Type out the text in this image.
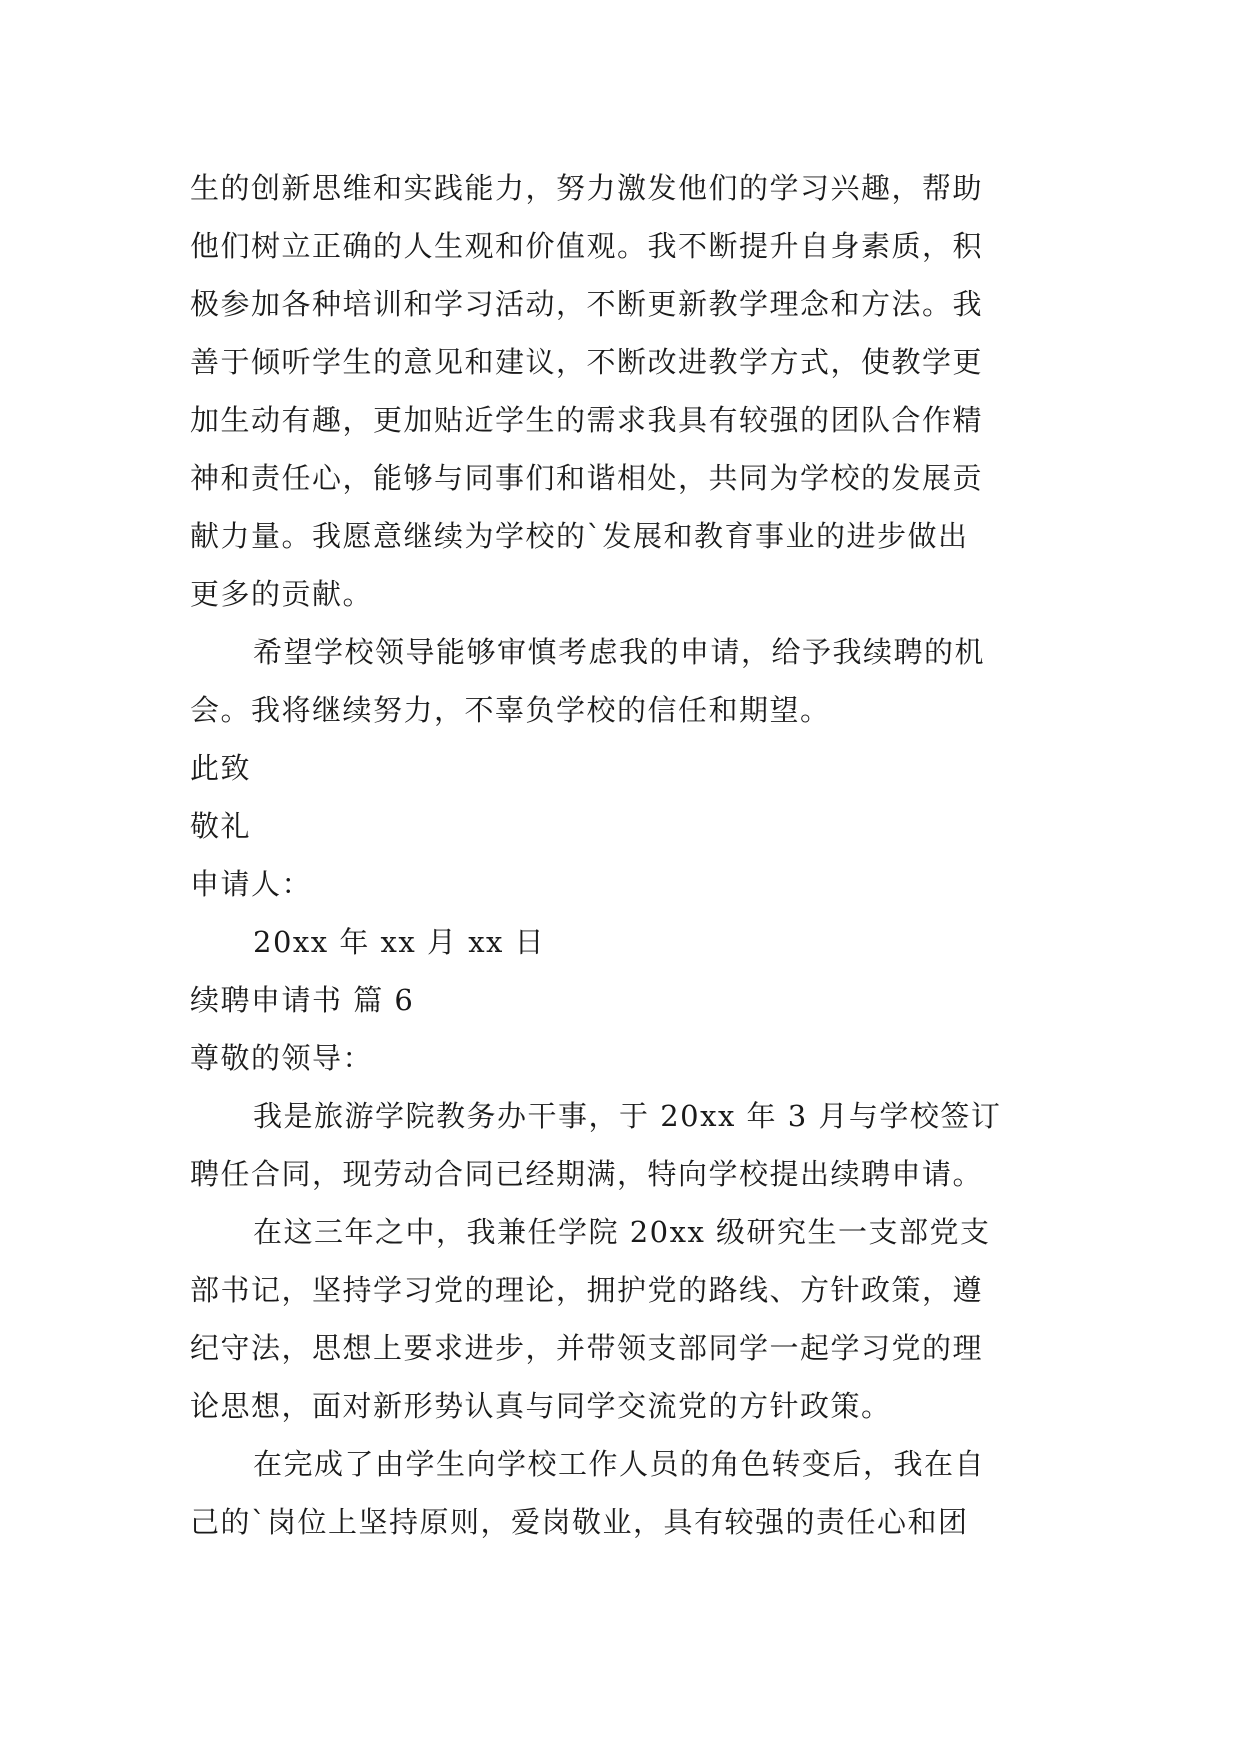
生的创新思维和实践能力，努力激发他们的学习兴趣，帮助
他们树立正确的人生观和价值观。我不断提升自身素质，积
极参加各种培训和学习活动，不断更新教学理念和方法。我
善于倾听学生的意见和建议，不断改进教学方式，使教学更
加生动有趣，更加贴近学生的需求我具有较强的团队合作精
神和责任心，能够与同事们和谐相处，共同为学校的发展贡
献力量。我愿意继续为学校的`发展和教育事业的进步做出
更多的贡献。
希望学校领导能够审慎考虑我的申请，给予我续聘的机
会。我将继续努力，不辜负学校的信任和期望。
此致
敬礼
申请人：
20xx 年 xx 月 xx 日
续聘申请书 篇 6
尊敬的领导：
我是旅游学院教务办干事，于 20xx 年 3 月与学校签订
聘任合同，现劳动合同已经期满，特向学校提出续聘申请。
在这三年之中，我兼任学院 20xx 级研究生一支部党支
部书记，坚持学习党的理论，拥护党的路线、方针政策，遵
纪守法，思想上要求进步，并带领支部同学一起学习党的理
论思想，面对新形势认真与同学交流党的方针政策。
在完成了由学生向学校工作人员的角色转变后，我在自
己的`岗位上坚持原则，爱岗敬业，具有较强的责任心和团
